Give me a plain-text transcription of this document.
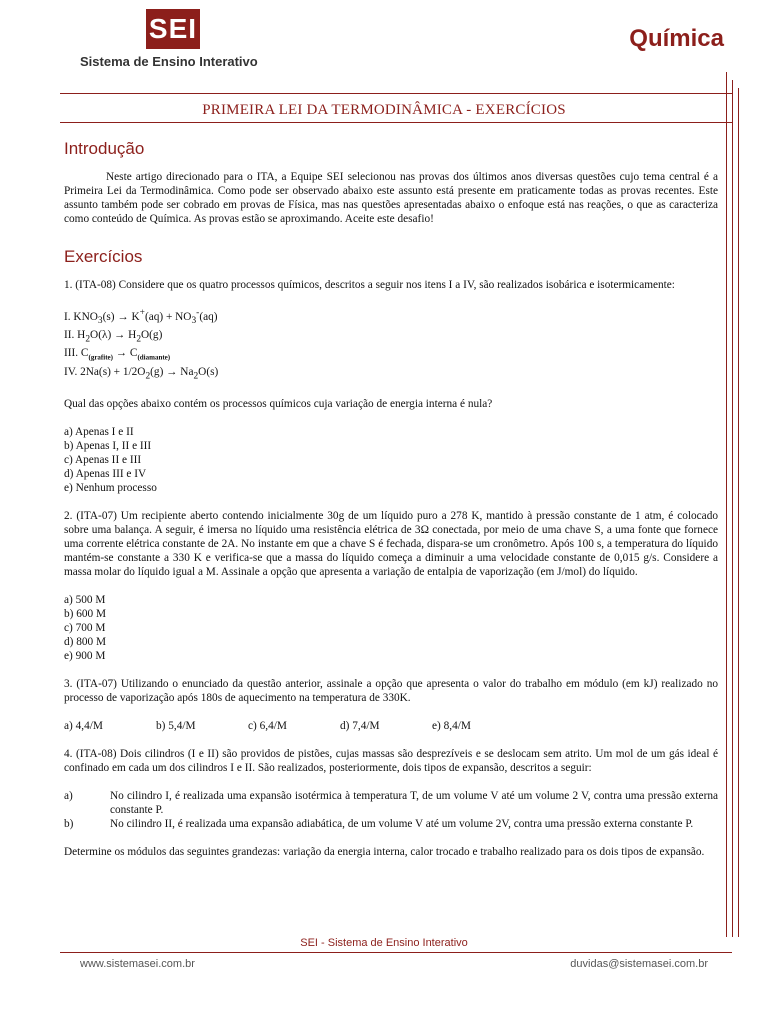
SEI
Sistema de Ensino Interativo
Química
PRIMEIRA LEI DA TERMODINÂMICA - EXERCÍCIOS
Introdução

Neste artigo direcionado para o ITA, a Equipe SEI selecionou nas provas dos últimos anos diversas questões cujo tema central é a Primeira Lei da Termodinâmica. Como pode ser observado abaixo este assunto está presente em praticamente todas as provas recentes. Este assunto também pode ser cobrado em provas de Física, mas nas questões apresentadas abaixo o enfoque está nas reações, o que as caracteriza como conteúdo de Química. As provas estão se aproximando. Aceite este desafio!

Exercícios

1. (ITA-08) Considere que os quatro processos químicos, descritos a seguir nos itens I a IV, são realizados isobárica e isotermicamente:

I. $KNO_3(s) \to K^+(aq) + NO_3^-(aq)$
II. $H_2O(\lambda) \to H_2O(g)$
III. $C_{(grafite)} \to C_{(diamante)}$
IV. $2Na(s) + 1/2O_2(g) \to Na_2O(s)$

Qual das opções abaixo contém os processos químicos cuja variação de energia interna é nula?

a) Apenas I e II
b) Apenas I, II e III
c) Apenas II e III
d) Apenas III e IV
e) Nenhum processo

2. (ITA-07) Um recipiente aberto contendo inicialmente 30g de um líquido puro a 278 K, mantido à pressão constante de 1 atm, é colocado sobre uma balança. A seguir, é imersa no líquido uma resistência elétrica de 3Ω conectada, por meio de uma chave S, a uma fonte que fornece uma corrente elétrica constante de 2A. No instante em que a chave S é fechada, dispara-se um cronômetro. Após 100 s, a temperatura do líquido mantém-se constante a 330 K e verifica-se que a massa do líquido começa a diminuir a uma velocidade constante de 0,015 g/s. Considere a massa molar do líquido igual a M. Assinale a opção que apresenta a variação de entalpia de vaporização (em J/mol) do líquido.

a) 500 M
b) 600 M
c) 700 M
d) 800 M
e) 900 M

3. (ITA-07) Utilizando o enunciado da questão anterior, assinale a opção que apresenta o valor do trabalho em módulo (em kJ) realizado no processo de vaporização após 180s de aquecimento na temperatura de 330K.

a) 4,4/M	b) 5,4/M	c) 6,4/M	d) 7,4/M	e) 8,4/M

4. (ITA-08) Dois cilindros (I e II) são providos de pistões, cujas massas são desprezíveis e se deslocam sem atrito. Um mol de um gás ideal é confinado em cada um dos cilindros I e II. São realizados, posteriormente, dois tipos de expansão, descritos a seguir:

a)	No cilindro I, é realizada uma expansão isotérmica à temperatura T, de um volume V até um volume 2 V, contra uma pressão externa constante P.

b)	No cilindro II, é realizada uma expansão adiabática, de um volume V até um volume 2V, contra uma pressão externa constante P.

Determine os módulos das seguintes grandezas: variação da energia interna, calor trocado e trabalho realizado para os dois tipos de expansão.

SEI - Sistema de Ensino Interativo
www.sistemasei.com.br	duvidas@sistemasei.com.br
